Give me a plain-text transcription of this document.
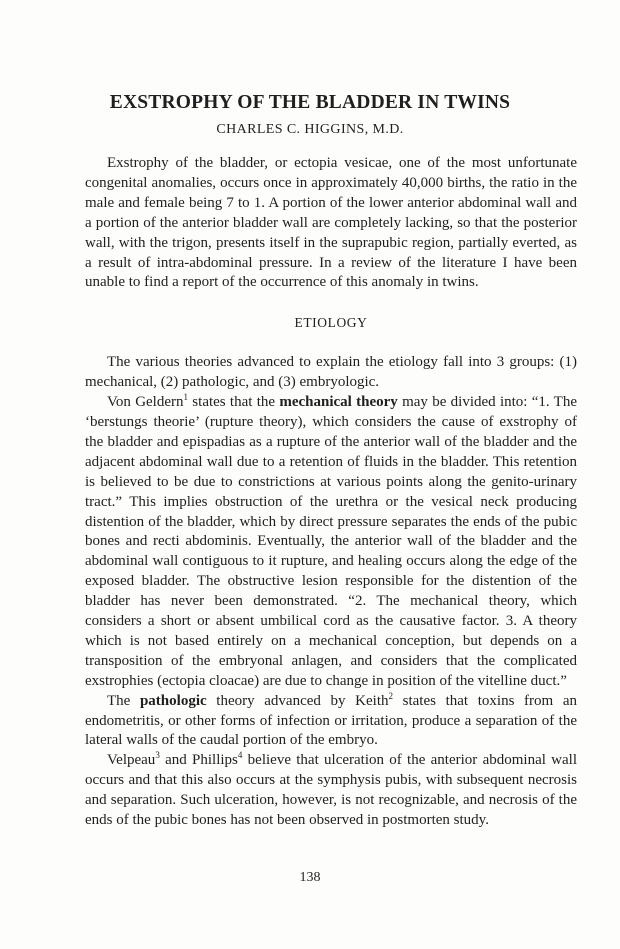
EXSTROPHY OF THE BLADDER IN TWINS
CHARLES C. HIGGINS, M.D.

Exstrophy of the bladder, or ectopia vesicae, one of the most unfortunate congenital anomalies, occurs once in approximately 40,000 births, the ratio in the male and female being 7 to 1. A portion of the lower anterior abdominal wall and a portion of the anterior bladder wall are completely lacking, so that the posterior wall, with the trigon, presents itself in the suprapubic region, partially everted, as a result of intra-abdominal pressure. In a review of the literature I have been unable to find a report of the occurrence of this anomaly in twins.

ETIOLOGY

The various theories advanced to explain the etiology fall into 3 groups: (1) mechanical, (2) pathologic, and (3) embryologic.

Von Geldern$^1$ states that the mechanical theory may be divided into: “1. The ‘berstungs theorie’ (rupture theory), which considers the cause of exstrophy of the bladder and epispadias as a rupture of the anterior wall of the bladder and the adjacent abdominal wall due to a retention of fluids in the bladder. This retention is believed to be due to constrictions at various points along the genito-urinary tract.” This implies obstruction of the urethra or the vesical neck producing distention of the bladder, which by direct pressure separates the ends of the pubic bones and recti abdominis. Eventually, the anterior wall of the bladder and the abdominal wall contiguous to it rupture, and healing occurs along the edge of the exposed bladder. The obstructive lesion responsible for the distention of the bladder has never been demonstrated. “2. The mechanical theory, which considers a short or absent umbilical cord as the causative factor. 3. A theory which is not based entirely on a mechanical conception, but depends on a transposition of the embryonal anlagen, and considers that the complicated exstrophies (ectopia cloacae) are due to change in position of the vitelline duct.”

The pathologic theory advanced by Keith$^2$ states that toxins from an endometritis, or other forms of infection or irritation, produce a separation of the lateral walls of the caudal portion of the embryo.

Velpeau$^3$ and Phillips$^4$ believe that ulceration of the anterior abdominal wall occurs and that this also occurs at the symphysis pubis, with subsequent necrosis and separation. Such ulceration, however, is not recognizable, and necrosis of the ends of the pubic bones has not been observed in postmorten study.

138
